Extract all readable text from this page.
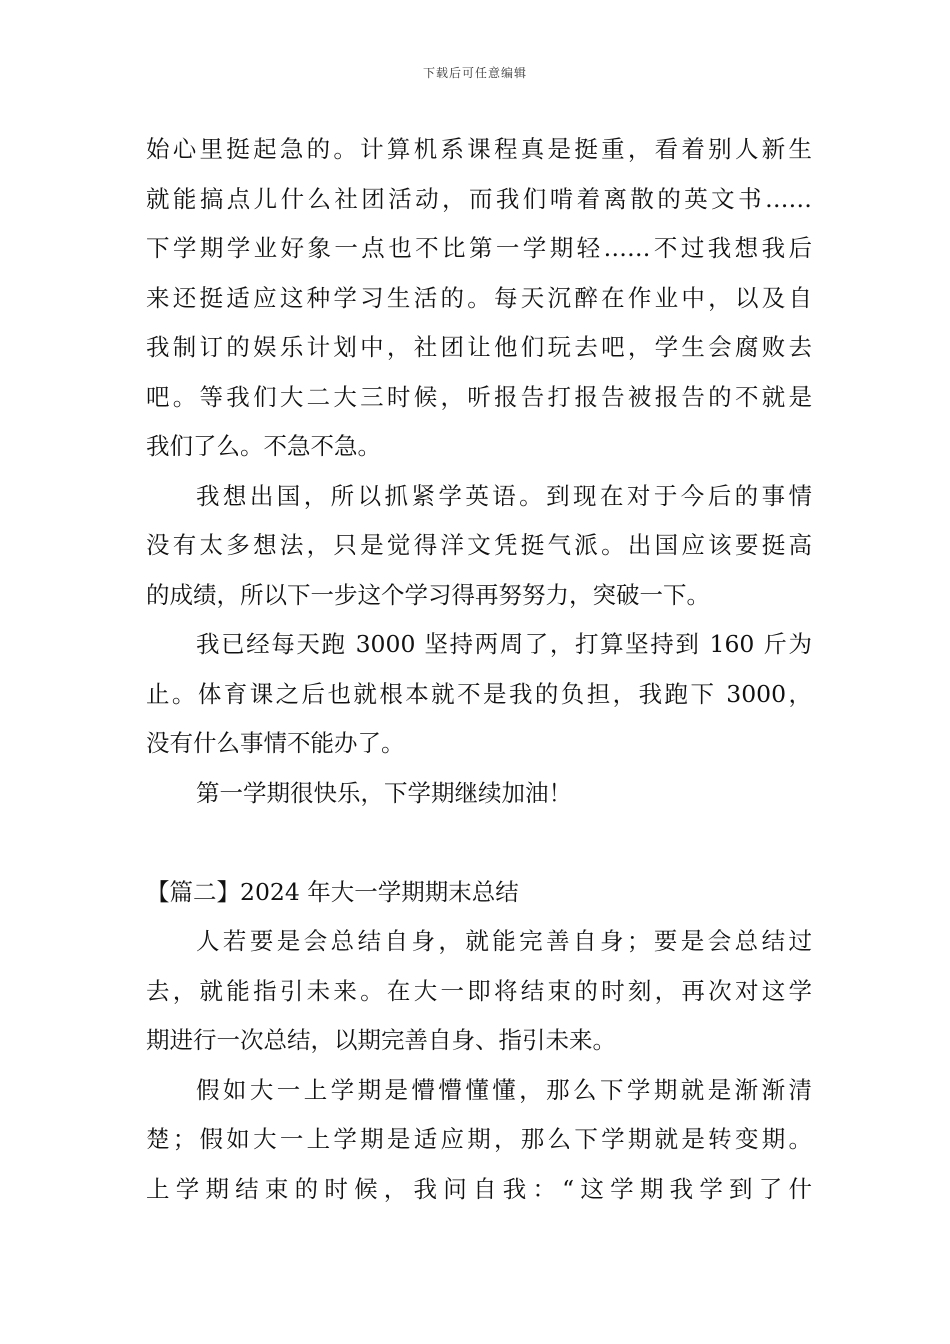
下载后可任意编辑
始心里挺起急的。计算机系课程真是挺重，看着别人新生
就能搞点儿什么社团活动，而我们啃着离散的英文书……
下学期学业好象一点也不比第一学期轻……不过我想我后
来还挺适应这种学习生活的。每天沉醉在作业中，以及自
我制订的娱乐计划中，社团让他们玩去吧，学生会腐败去
吧。等我们大二大三时候，听报告打报告被报告的不就是
我们了么。不急不急。
我想出国，所以抓紧学英语。到现在对于今后的事情
没有太多想法，只是觉得洋文凭挺气派。出国应该要挺高
的成绩，所以下一步这个学习得再努努力，突破一下。
我已经每天跑 3000 坚持两周了，打算坚持到 160 斤为
止。体育课之后也就根本就不是我的负担，我跑下 3000，
没有什么事情不能办了。
第一学期很快乐，下学期继续加油！
【篇二】2024 年大一学期期末总结
人若要是会总结自身，就能完善自身；要是会总结过
去，就能指引未来。在大一即将结束的时刻，再次对这学
期进行一次总结，以期完善自身、指引未来。
假如大一上学期是懵懵懂懂，那么下学期就是渐渐清
楚；假如大一上学期是适应期，那么下学期就是转变期。
上学期结束的时候，我问自我：“这学期我学到了什
